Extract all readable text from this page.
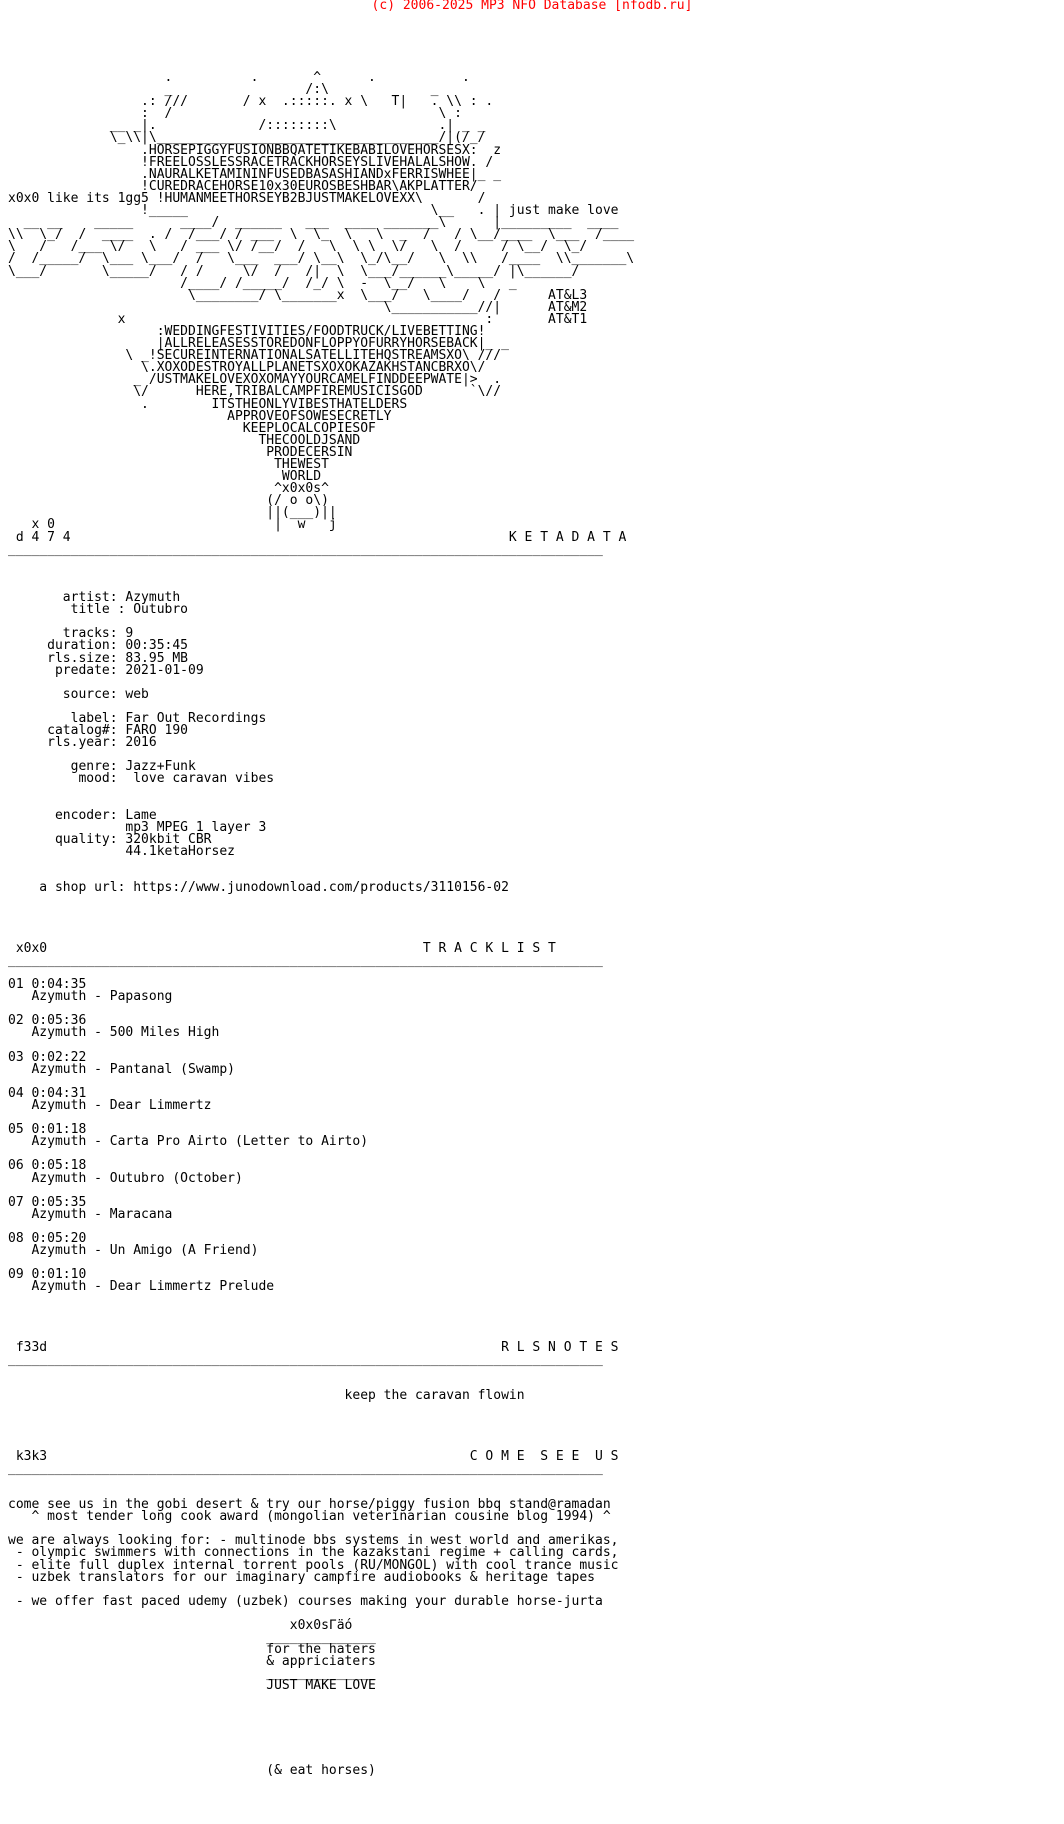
(c) 2006-2025 MP3 NFO Database [nfodb.ru]
.          .       ^      .           .
_                 /:\             _
.: ///       / x  .:::::. x \   T|   . \\ : .
:  /                                  \ :
__ _|.             /::::::::\             .| _ _
\_\\|\____________________________________/|(/_/
.HORSEPIGGYFUSIONBBQATETIKEBABILOVEHORSESX:  z
!FREELOSSLESSRACETRACKHORSEYSLIVEHALALSHOW. /
.NAURALKETAMININFUSEDBASASHIANDxFERRISWHEE|_ _
!CUREDRACEHORSE10x30EUROSBESHBAR\AKPLATTER/
x0x0 like its 1gg5 !HUMANMEETHORSEYB2BJUSTMAKELOVEXX\       /
!_____                               \__   . | just make love
__ __    _____      ____/  ______   ___  ____ _______\      |_________  ____
\\  \_/  /  ____  . /  /___/ / ___  \  \_  \   \  _  /   / \__/____  \___  /____
\   /   /___ \/   \   / ___ \/ /__/  /   \  \ \  \/   \  /     / \__/  \_/
/  /_____/  \___ \___/  /   \___  ___/ \__\  \_/\__/   \  \\   /____  \\_______\
\___/       \_____/   / /     \/  /   /|  \  \___/______\_____/ |\______/
/____/ /_____/  /_/ \  -  \__/   \    \   _
\________/ \_______x  \___/   \____/   /      AT&L3
\___________//|      AT&M2
x                                              :       AT&T1
:WEDDINGFESTIVITIES/FOODTRUCK/LIVEBETTING!
|ALLRELEASESSTOREDONFLOPPYOFURRYHORSEBACK|_ _
\ _!SECUREINTERNATIONALSATELLITEHQSTREAMSXO\ ///
\.XOXODESTROYALLPLANETSXOXOKAZAKHSTANCBRXO\/
_ /USTMAKELOVEXOXOMAYYOURCAMELFINDDEEPWATE|>  .
\/      HERE,TRIBALCAMPFIREMUSICISGOD      `\//
.        ITSTHEONLYVIBESTHATELDERS
APPROVEOFSOWESECRETLY
KEEPLOCALCOPIESOF
THECOOLDJSAND
PRODECERSIN
THEWEST
WORLD
^x0x0s^
(/ o o\)
||(___)||
x 0                            |  w   j
d 4 7 4                                                        K E T A D A T A
____________________________________________________________________________

artist: Azymuth
title : Outubro

tracks: 9
duration: 00:35:45
rls.size: 83.95 MB
predate: 2021-01-09

source: web

label: Far Out Recordings
catalog#: FARO 190
rls.year: 2016

genre: Jazz+Funk
mood:  love caravan vibes

encoder: Lame
mp3 MPEG 1 layer 3
quality: 320kbit CBR
44.1ketaHorsez

a shop url: https://www.junodownload.com/products/3110156-02

x0x0                                                T R A C K L I S T
____________________________________________________________________________

01 0:04:35
Azymuth - Papasong

02 0:05:36
Azymuth - 500 Miles High

03 0:02:22
Azymuth - Pantanal (Swamp)

04 0:04:31
Azymuth - Dear Limmertz

05 0:01:18
Azymuth - Carta Pro Airto (Letter to Airto)

06 0:05:18
Azymuth - Outubro (October)

07 0:05:35
Azymuth - Maracana

08 0:05:20
Azymuth - Un Amigo (A Friend)

09 0:01:10
Azymuth - Dear Limmertz Prelude

f33d                                                          R L S N O T E S
____________________________________________________________________________

keep the caravan flowin

k3k3                                                      C O M E  S E E  U S
____________________________________________________________________________

come see us in the gobi desert & try our horse/piggy fusion bbq stand@ramadan
^ most tender long cook award (mongolian veterinarian cousine blog 1994) ^

we are always looking for: - multinode bbs systems in west world and amerikas,
- olympic swimmers with connections in the kazakstani regime + calling cards,
- elite full duplex internal torrent pools (RU/MONGOL) with cool trance music
- uzbek translators for our imaginary campfire audiobooks & heritage tapes

- we offer fast paced udemy (uzbek) courses making your durable horse-jurta

x0x0sΓäó
______________
for the haters
& appriciaters
______________
JUST MAKE LOVE

(& eat horses)
